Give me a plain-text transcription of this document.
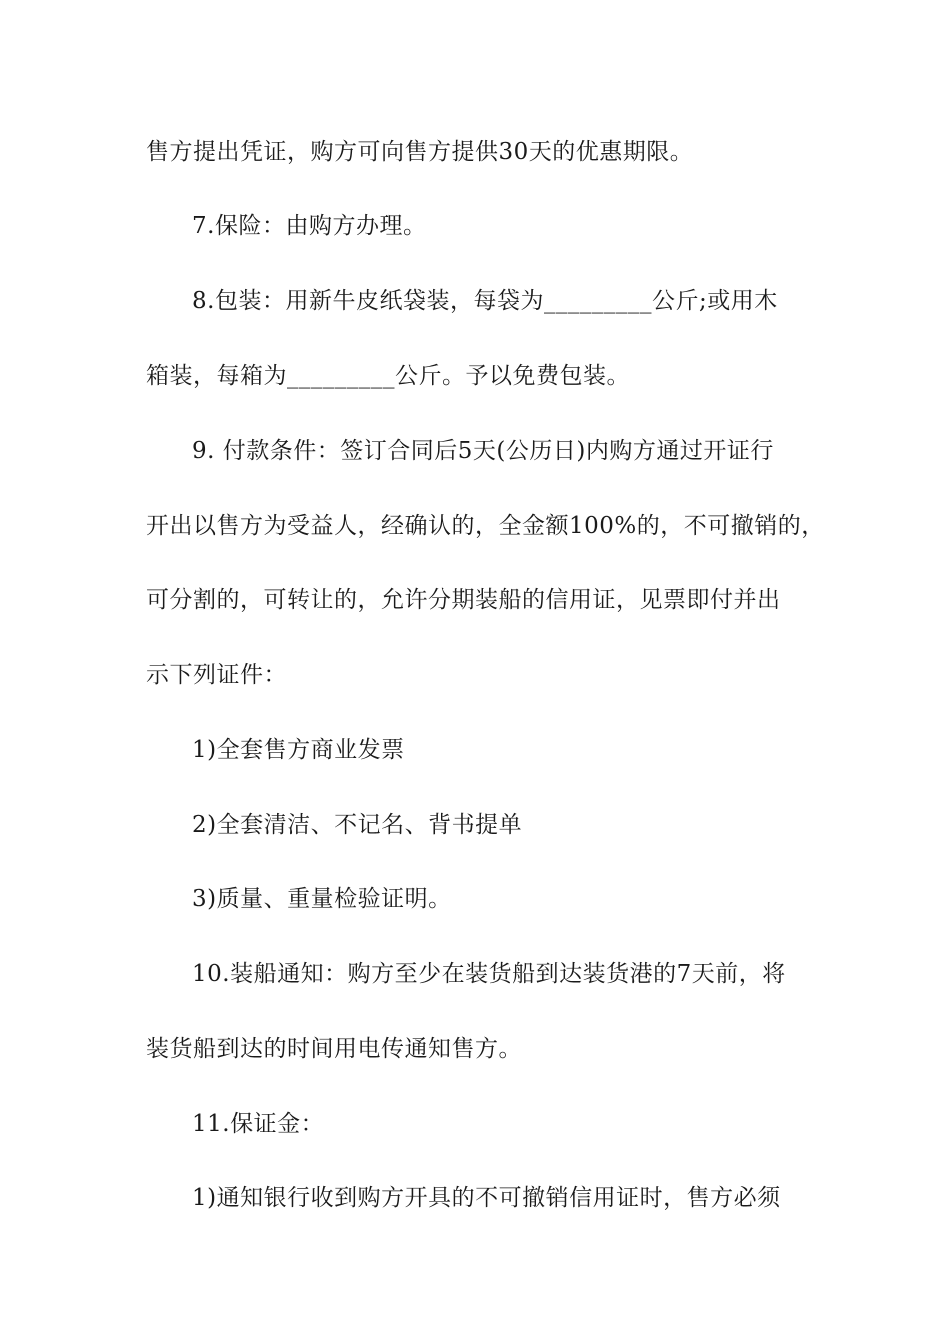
售方提出凭证，购方可向售方提供30天的优惠期限。
7.保险：由购方办理。
8.包装：用新牛皮纸袋装，每袋为_________公斤;或用木
箱装，每箱为_________公斤。予以免费包装。
9. 付款条件：签订合同后5天(公历日)内购方通过开证行
开出以售方为受益人，经确认的，全金额100%的，不可撤销的，
可分割的，可转让的，允许分期装船的信用证，见票即付并出
示下列证件：
1)全套售方商业发票
2)全套清洁、不记名、背书提单
3)质量、重量检验证明。
10.装船通知：购方至少在装货船到达装货港的7天前，将
装货船到达的时间用电传通知售方。
11.保证金：
1)通知银行收到购方开具的不可撤销信用证时，售方必须
